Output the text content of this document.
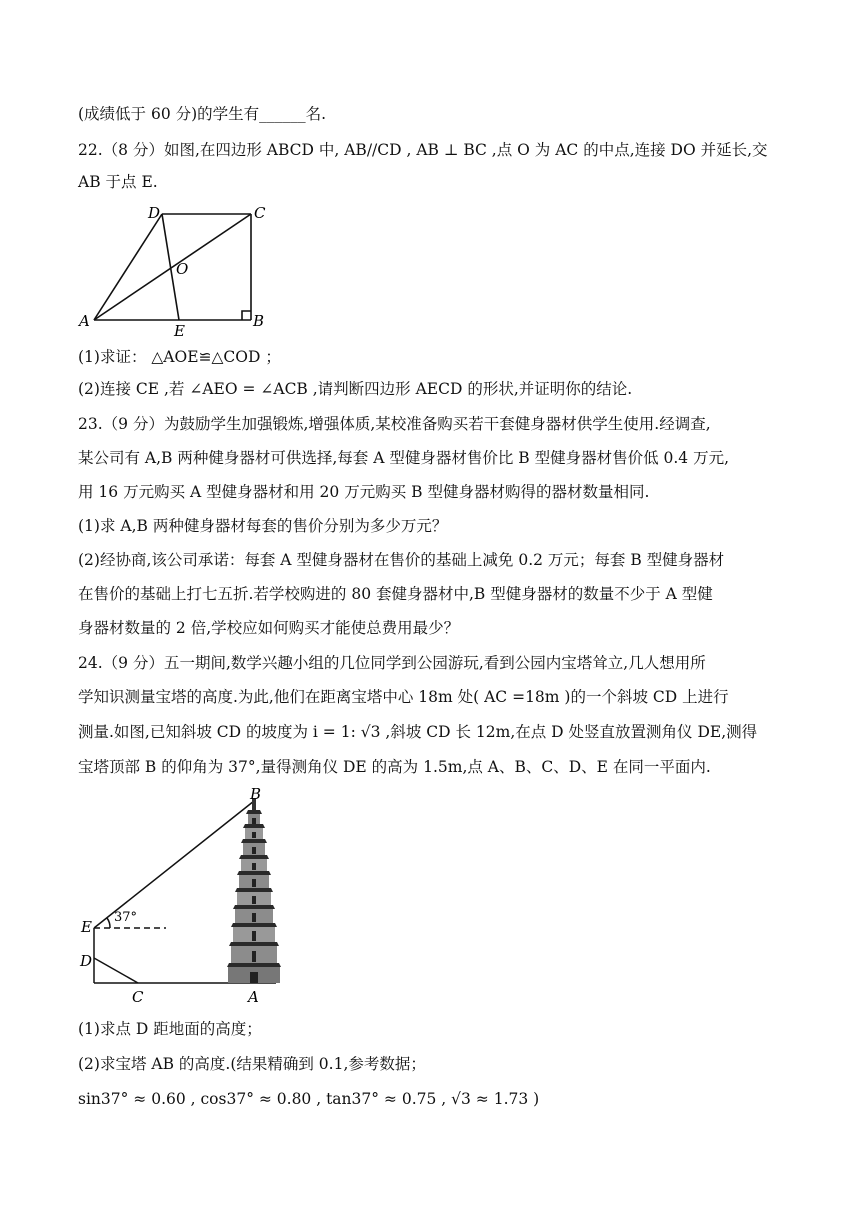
(成绩低于 60 分)的学生有______名.
22.（8 分）如图,在四边形 ABCD 中, AB//CD , AB ⊥ BC ,点 O 为 AC 的中点,连接 DO 并延长,交
AB 于点 E.
D	C
O
A
E
B
(1)求证： △AOE≌△COD ；
(2)连接 CE ,若 ∠AEO = ∠ACB ,请判断四边形 AECD 的形状,并证明你的结论.
23.（9 分）为鼓励学生加强锻炼,增强体质,某校准备购买若干套健身器材供学生使用.经调查,
某公司有 A,B 两种健身器材可供选择,每套 A 型健身器材售价比 B 型健身器材售价低 0.4 万元,
用 16 万元购买 A 型健身器材和用 20 万元购买 B 型健身器材购得的器材数量相同.
(1)求 A,B 两种健身器材每套的售价分别为多少万元？
(2)经协商,该公司承诺：每套 A 型健身器材在售价的基础上减免 0.2 万元；每套 B 型健身器材
在售价的基础上打七五折.若学校购进的 80 套健身器材中,B 型健身器材的数量不少于 A 型健
身器材数量的 2 倍,学校应如何购买才能使总费用最少？
24.（9 分）五一期间,数学兴趣小组的几位同学到公园游玩,看到公园内宝塔耸立,几人想用所
学知识测量宝塔的高度.为此,他们在距离宝塔中心 18m 处( AC =18m )的一个斜坡 CD 上进行
测量.如图,已知斜坡 CD 的坡度为 i = 1: √3 ,斜坡 CD 长 12m,在点 D 处竖直放置测角仪 DE,测得
宝塔顶部 B 的仰角为 37°,量得测角仪 DE 的高为 1.5m,点 A、B、C、D、E 在同一平面内.
B
E
D
C	A
37°
(1)求点 D 距地面的高度；
(2)求宝塔 AB 的高度.(结果精确到 0.1,参考数据；
sin37° ≈ 0.60 , cos37° ≈ 0.80 , tan37° ≈ 0.75 , √3 ≈ 1.73 )
